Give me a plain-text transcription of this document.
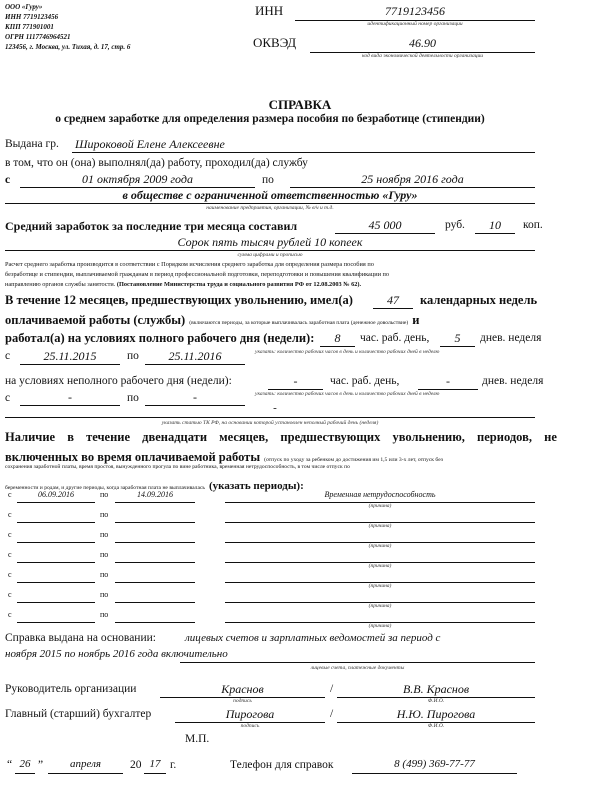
ООО «Гуру»
ИНН 7719123456
КПП 771901001
ОГРН 1117746964521
123456, г. Москва, ул. Тихая, д. 17, стр. 6
ИНН	7719123456
идентификационный номер организации
ОКВЭД	46.90
код вида экономической деятельности организации
СПРАВКА
о среднем заработке для определения размера пособия по безработице (стипендии)
Выдана гр. Широковой Елене Алексеевне
в том, что он (она) выполнял(да) работу, проходил(да) службу
с	01 октября 2009 года	по	25 ноября 2016 года
в обществе с ограниченной ответственностью «Гуру»
наименование предприятия, организации, № в/ч и т.д.
Средний заработок за последние три месяца составил	45 000	руб.	10	коп.
Сорок пять тысяч рублей 10 копеек
сумма цифрами и прописью
Расчет среднего заработка производится в соответствии с Порядком исчисления среднего заработка для определения размера пособия по
безработице и стипендии, выплачиваемой гражданам в период профессиональной подготовки, переподготовки и повышения квалификации по
направлению органов службы занятости. (Постановление Министерства труда и социального развития РФ от 12.08.2003 № 62).
В течение 12 месяцев, предшествующих увольнению, имел(а)	47	календарных недель
оплачиваемой работы (службы) (включаются периоды, за которые выплачивалась заработная плата (денежное довольствие) и
работал(а) на условиях полного рабочего дня (недели):	8	час. раб. день,	5	днев. неделя
с	25.11.2015	по	25.11.2016	указать: количество рабочих часов в день и количество рабочих дней в неделю
на условиях неполного рабочего дня (недели):	-	час. раб. день,	-	днев. неделя
с	-	по	-	указать: количество рабочих часов в день и количество рабочих дней в неделю
-
указать статью ТК РФ, на основании которой установлен неполный рабочий день (неделя)
Наличие в течение двенадцати месяцев, предшествующих увольнению, периодов, не
включенных во время оплачиваемой работы (отпуск по уходу за ребенком до достижения им 1,5 или 3-х лет, отпуск без
сохранения заработной платы, время простоя, вынужденного прогула по вине работника, временная нетрудоспособность, в том числе отпуск по
беременности и родам, и другие периоды, когда заработная плата не выплачивалась (указать периоды):
с	06.09.2016	по	14.09.2016	Временная нетрудоспособность
(причина)
с	по
(причина)
с	по
(причина)
с	по
(причина)
с	по
(причина)
с	по
(причина)
с	по
(причина)
Справка выдана на основании:	лицевых счетов и зарплатных ведомостей за период с
ноября 2015 по ноябрь 2016 года включительно
лицевые счета, платежные документы
Руководитель организации	Краснов
подпись
/	В.В. Краснов
Ф.И.О.
Главный (старший) бухгалтер	Пирогова
подпись
/	Н.Ю. Пирогова
Ф.И.О.
М.П.
“ 26 ”	апреля	20 17 г.	Телефон для справок	8 (499) 369-77-77
